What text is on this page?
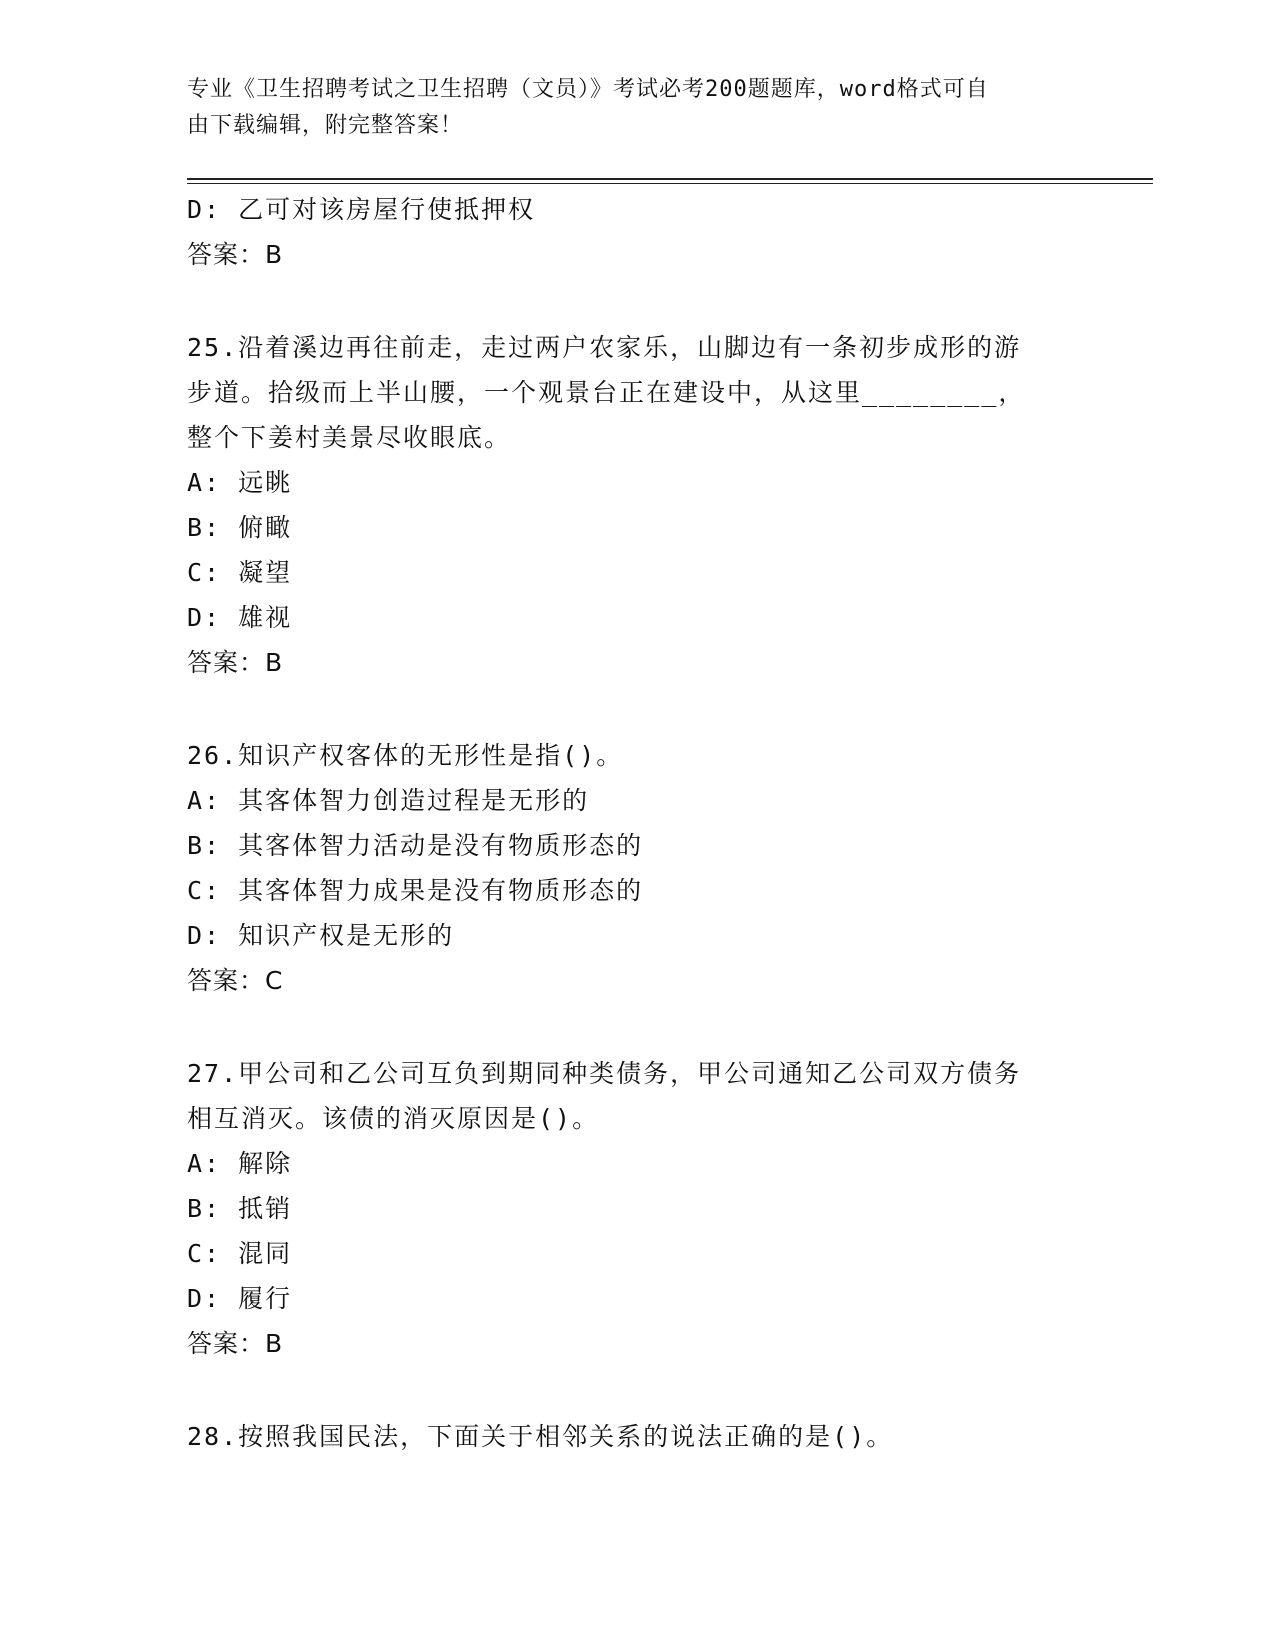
专业《卫生招聘考试之卫生招聘（文员）》考试必考200题题库，word格式可自
由下载编辑，附完整答案！
D: 乙可对该房屋行使抵押权
答案：B
25.沿着溪边再往前走，走过两户农家乐，山脚边有一条初步成形的游
步道。拾级而上半山腰，一个观景台正在建设中，从这里________，
整个下姜村美景尽收眼底。
A: 远眺
B: 俯瞰
C: 凝望
D: 雄视
答案：B
26.知识产权客体的无形性是指()。
A: 其客体智力创造过程是无形的
B: 其客体智力活动是没有物质形态的
C: 其客体智力成果是没有物质形态的
D: 知识产权是无形的
答案：C
27.甲公司和乙公司互负到期同种类债务，甲公司通知乙公司双方债务
相互消灭。该债的消灭原因是()。
A: 解除
B: 抵销
C: 混同
D: 履行
答案：B
28.按照我国民法，下面关于相邻关系的说法正确的是()。
